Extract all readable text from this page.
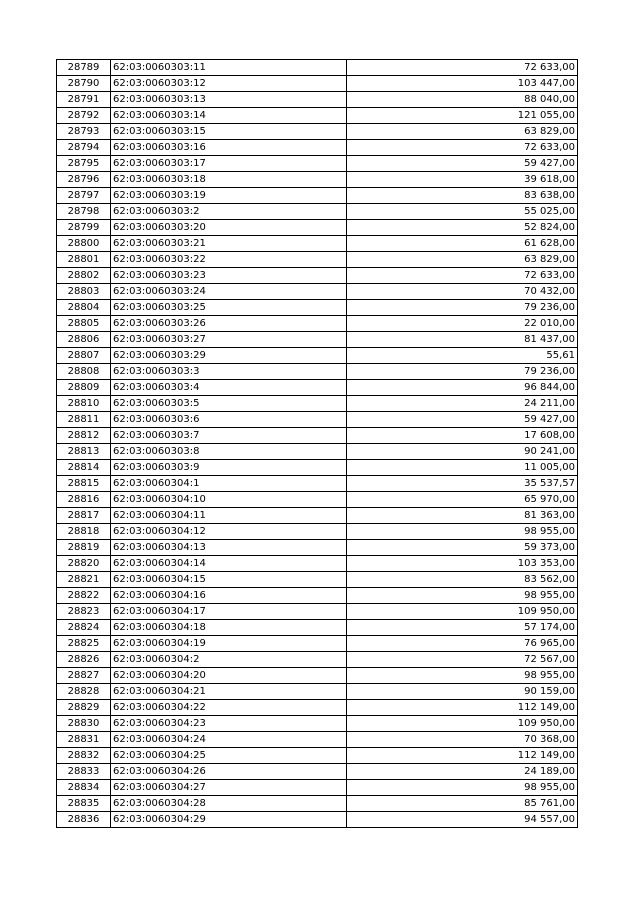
28789	62:03:0060303:11	72 633,00
28790	62:03:0060303:12	103 447,00
28791	62:03:0060303:13	88 040,00
28792	62:03:0060303:14	121 055,00
28793	62:03:0060303:15	63 829,00
28794	62:03:0060303:16	72 633,00
28795	62:03:0060303:17	59 427,00
28796	62:03:0060303:18	39 618,00
28797	62:03:0060303:19	83 638,00
28798	62:03:0060303:2	55 025,00
28799	62:03:0060303:20	52 824,00
28800	62:03:0060303:21	61 628,00
28801	62:03:0060303:22	63 829,00
28802	62:03:0060303:23	72 633,00
28803	62:03:0060303:24	70 432,00
28804	62:03:0060303:25	79 236,00
28805	62:03:0060303:26	22 010,00
28806	62:03:0060303:27	81 437,00
28807	62:03:0060303:29	55,61
28808	62:03:0060303:3	79 236,00
28809	62:03:0060303:4	96 844,00
28810	62:03:0060303:5	24 211,00
28811	62:03:0060303:6	59 427,00
28812	62:03:0060303:7	17 608,00
28813	62:03:0060303:8	90 241,00
28814	62:03:0060303:9	11 005,00
28815	62:03:0060304:1	35 537,57
28816	62:03:0060304:10	65 970,00
28817	62:03:0060304:11	81 363,00
28818	62:03:0060304:12	98 955,00
28819	62:03:0060304:13	59 373,00
28820	62:03:0060304:14	103 353,00
28821	62:03:0060304:15	83 562,00
28822	62:03:0060304:16	98 955,00
28823	62:03:0060304:17	109 950,00
28824	62:03:0060304:18	57 174,00
28825	62:03:0060304:19	76 965,00
28826	62:03:0060304:2	72 567,00
28827	62:03:0060304:20	98 955,00
28828	62:03:0060304:21	90 159,00
28829	62:03:0060304:22	112 149,00
28830	62:03:0060304:23	109 950,00
28831	62:03:0060304:24	70 368,00
28832	62:03:0060304:25	112 149,00
28833	62:03:0060304:26	24 189,00
28834	62:03:0060304:27	98 955,00
28835	62:03:0060304:28	85 761,00
28836	62:03:0060304:29	94 557,00
